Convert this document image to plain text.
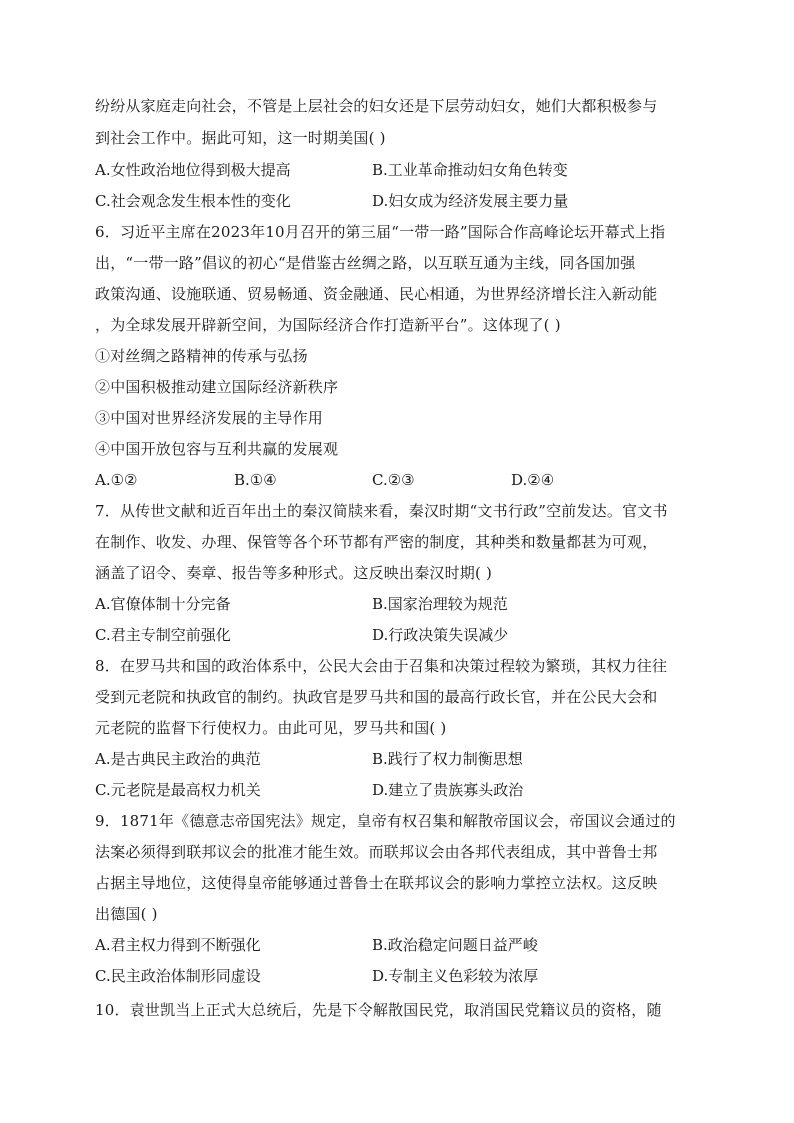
纷纷从家庭走向社会，不管是上层社会的妇女还是下层劳动妇女，她们大都积极参与
到社会工作中。据此可知，这一时期美国( )
A.女性政治地位得到极大提高	B.工业革命推动妇女角色转变
C.社会观念发生根本性的变化	D.妇女成为经济发展主要力量
6．习近平主席在2023年10月召开的第三届“一带一路”国际合作高峰论坛开幕式上指
出，“一带一路”倡议的初心“是借鉴古丝绸之路，以互联互通为主线，同各国加强
政策沟通、设施联通、贸易畅通、资金融通、民心相通，为世界经济增长注入新动能
，为全球发展开辟新空间，为国际经济合作打造新平台”。这体现了( )
①对丝绸之路精神的传承与弘扬
②中国积极推动建立国际经济新秩序
③中国对世界经济发展的主导作用
④中国开放包容与互利共赢的发展观
A.①②	B.①④	C.②③	D.②④
7．从传世文献和近百年出土的秦汉简牍来看，秦汉时期“文书行政”空前发达。官文书
在制作、收发、办理、保管等各个环节都有严密的制度，其种类和数量都甚为可观，
涵盖了诏令、奏章、报告等多种形式。这反映出秦汉时期( )
A.官僚体制十分完备	B.国家治理较为规范
C.君主专制空前强化	D.行政决策失误减少
8．在罗马共和国的政治体系中，公民大会由于召集和决策过程较为繁琐，其权力往往
受到元老院和执政官的制约。执政官是罗马共和国的最高行政长官，并在公民大会和
元老院的监督下行使权力。由此可见，罗马共和国( )
A.是古典民主政治的典范	B.践行了权力制衡思想
C.元老院是最高权力机关	D.建立了贵族寡头政治
9．1871年《德意志帝国宪法》规定，皇帝有权召集和解散帝国议会，帝国议会通过的
法案必须得到联邦议会的批准才能生效。而联邦议会由各邦代表组成，其中普鲁士邦
占据主导地位，这使得皇帝能够通过普鲁士在联邦议会的影响力掌控立法权。这反映
出德国( )
A.君主权力得到不断强化	B.政治稳定问题日益严峻
C.民主政治体制形同虚设	D.专制主义色彩较为浓厚
10．袁世凯当上正式大总统后，先是下令解散国民党，取消国民党籍议员的资格，随
